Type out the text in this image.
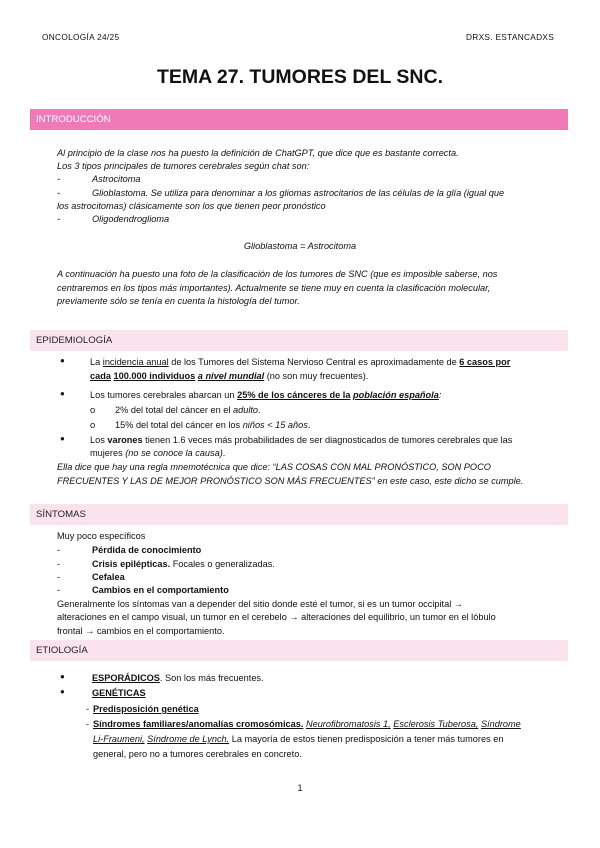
ONCOLOGÍA 24/25	DRXS. ESTANCADXS
TEMA 27. TUMORES DEL SNC.
INTRODUCCIÓN
Al principio de la clase nos ha puesto la definición de ChatGPT, que dice que es bastante correcta.
Los 3 tipos principales de tumores cerebrales según chat son:
-	Astrocitoma
-	Glioblastoma. Se utiliza para denominar a los gliomas astrocitarios de las células de la glía (igual que
los astrocitomas) clásicamente son los que tienen peor pronóstico
-	Oligodendroglioma
Glioblastoma = Astrocitoma
A continuación ha puesto una foto de la clasificación de los tumores de SNC (que es imposible saberse, nos
centraremos en los tipos más importantes). Actualmente se tiene muy en cuenta la clasificación molecular,
previamente sólo se tenía en cuenta la histología del tumor.
EPIDEMIOLOGÍA
●	La incidencia anual de los Tumores del Sistema Nervioso Central es aproximadamente de 6 casos por
cada 100.000 individuos a nivel mundial (no son muy frecuentes).
●	Los tumores cerebrales abarcan un 25% de los cánceres de la población española:
o 2% del total del cáncer en el adulto.
o 15% del total del cáncer en los niños < 15 años.
●	Los varones tienen 1.6 veces más probabilidades de ser diagnosticados de tumores cerebrales que las
mujeres (no se conoce la causa).
Ella dice que hay una regla mnemotécnica que dice: “LAS COSAS CON MAL PRONÓSTICO, SON POCO
FRECUENTES Y LAS DE MEJOR PRONÓSTICO SON MÁS FRECUENTES” en este caso, este dicho se cumple.
SÍNTOMAS
Muy poco específicos
-	Pérdida de conocimiento
-	Crisis epilépticas. Focales o generalizadas.
-	Cefalea
-	Cambios en el comportamiento
Generalmente los síntomas van a depender del sitio donde esté el tumor, si es un tumor occipital →
alteraciones en el campo visual, un tumor en el cerebelo → alteraciones del equilibrio, un tumor en el lóbulo
frontal → cambios en el comportamiento.
ETIOLOGÍA
●	ESPORÁDICOS. Son los más frecuentes.
●	GENÉTICAS
- Predisposición genética
- Síndromes familiares/anomalías cromosómicas. Neurofibromatosis 1, Esclerosis Tuberosa, Síndrome
Li-Fraumeni, Síndrome de Lynch. La mayoría de estos tienen predisposición a tener más tumores en
general, pero no a tumores cerebrales en concreto.
1
